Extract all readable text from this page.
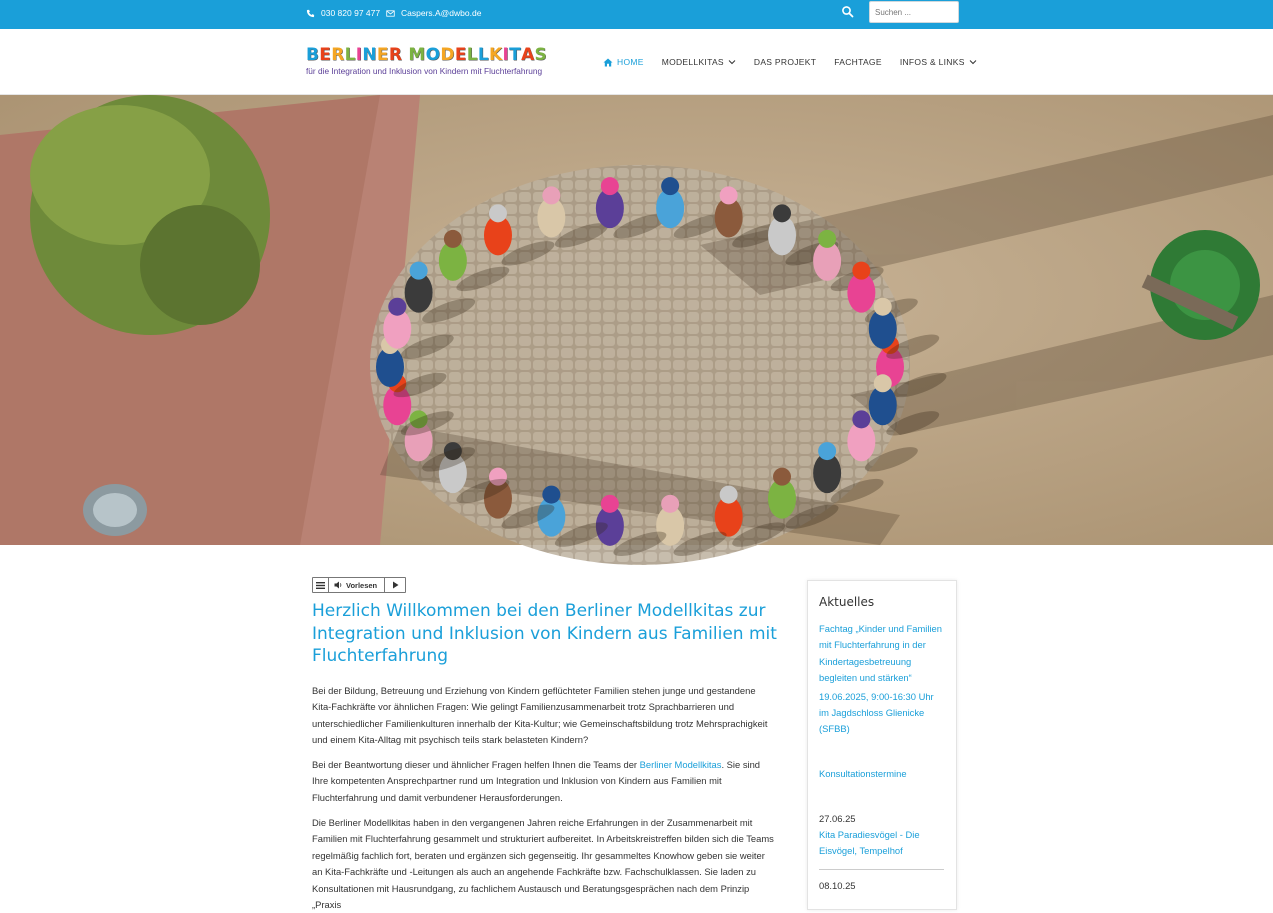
030 820 97 477 Caspers.A@dwbo.de
Suchen ...
B E R L I N E R
M O D E L L K I T A S
für die Integration und Inklusion von Kindern mit Fluchterfahrung
HOME MODELLKITAS	DAS PROJEKT FACHTAGE INFOS & LINKS
Vorlesen
Herzlich Willkommen bei den Berliner Modellkitas zur Integration und Inklusion von Kindern aus Familien mit Fluchterfahrung

Bei der Bildung, Betreuung und Erziehung von Kindern geflüchteter Familien stehen junge und gestandene Kita-Fachkräfte vor ähnlichen Fragen: Wie gelingt Familienzusammenarbeit trotz Sprachbarrieren und unterschiedlicher Familienkulturen innerhalb der Kita-Kultur; wie Gemeinschaftsbildung trotz Mehrsprachigkeit und einem Kita-Alltag mit psychisch teils stark belasteten Kindern?

Bei der Beantwortung dieser und ähnlicher Fragen helfen Ihnen die Teams der Berliner Modellkitas. Sie sind Ihre kompetenten Ansprechpartner rund um Integration und Inklusion von Kindern aus Familien mit Fluchterfahrung und damit verbundener Herausforderungen.

Die Berliner Modellkitas haben in den vergangenen Jahren reiche Erfahrungen in der Zusammenarbeit mit Familien mit Fluchterfahrung gesammelt und strukturiert aufbereitet. In Arbeitskreistreffen bilden sich die Teams regelmäßig fachlich fort, beraten und ergänzen sich gegenseitig. Ihr gesammeltes Knowhow geben sie weiter an Kita-Fachkräfte und -Leitungen als auch an angehende Fachkräfte bzw. Fachschulklassen. Sie laden zu Konsultationen mit Hausrundgang, zu fachlichem Austausch und Beratungsgesprächen nach dem Prinzip „Praxis

Aktuelles
Fachtag „Kinder und Familien mit Fluchterfahrung in der Kindertagesbetreuung begleiten und stärken“
19.06.2025, 9:00-16:30 Uhr im Jagdschloss Glienicke (SFBB)
Konsultationstermine
27.06.25
Kita Paradiesvögel - Die Eisvögel, Tempelhof
08.10.25
